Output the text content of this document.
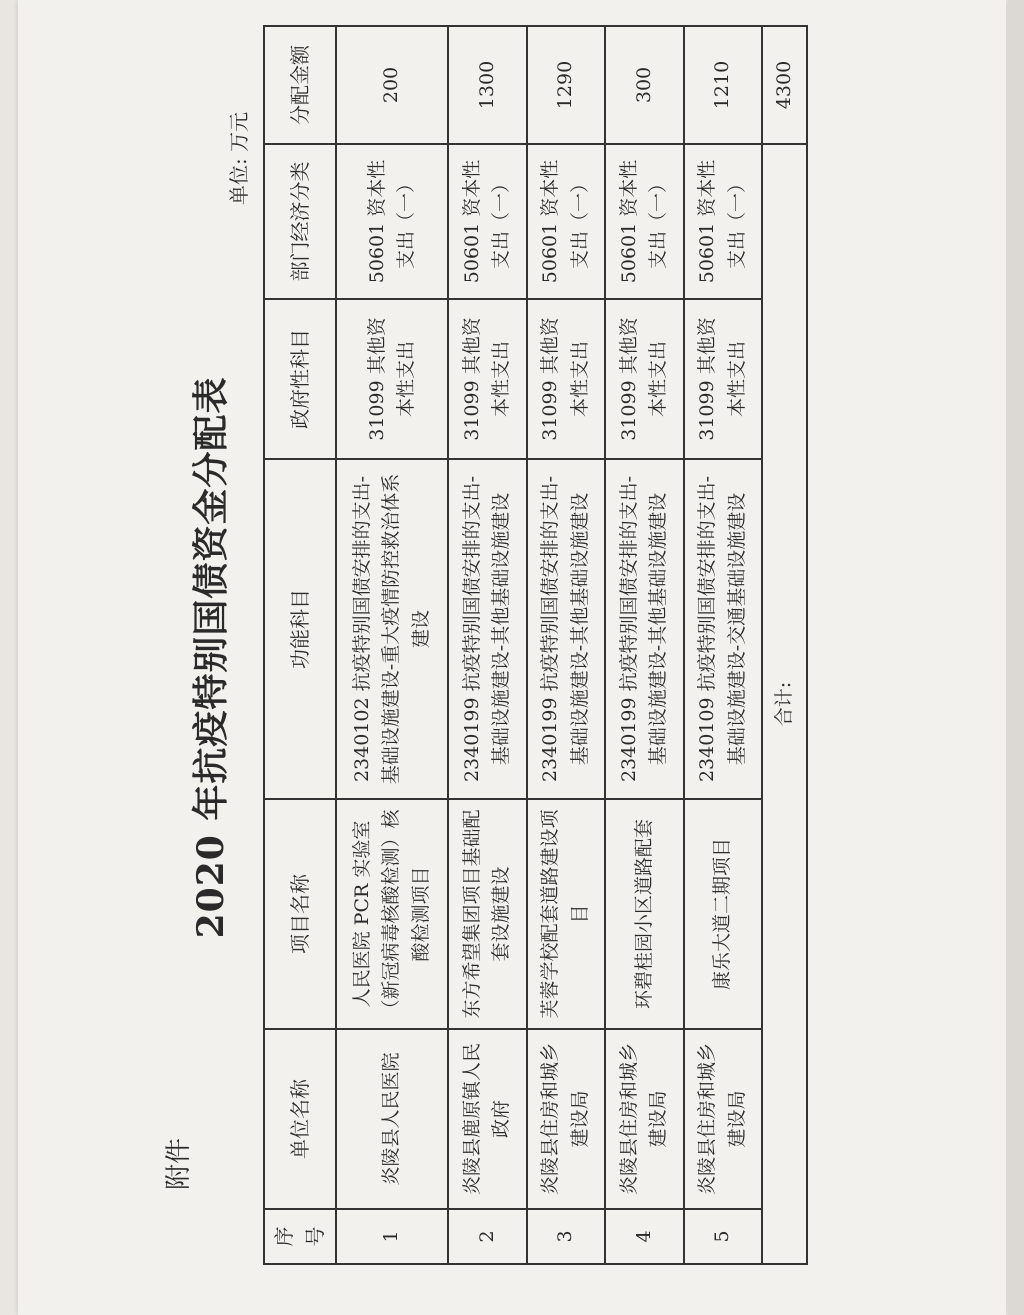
附件
2020 年抗疫特别国债资金分配表
单位: 万元
序号	单位名称	项目名称	功能科目	政府性科目	部门经济分类	分配金额
1	炎陵县人民医院	人民医院 PCR 实验室（新冠病毒核酸检测）核酸检测项目	2340102 抗疫特别国债安排的支出-基础设施建设-重大疫情防控救治体系建设	31099 其他资本性支出	50601 资本性支出（一）	200
2	炎陵县鹿原镇人民政府	东方希望集团项目基础配套设施建设	2340199 抗疫特别国债安排的支出-基础设施建设-其他基础设施建设	31099 其他资本性支出	50601 资本性支出（一）	1300
3	炎陵县住房和城乡建设局	芙蓉学校配套道路建设项目	2340199 抗疫特别国债安排的支出-基础设施建设-其他基础设施建设	31099 其他资本性支出	50601 资本性支出（一）	1290
4	炎陵县住房和城乡建设局	环碧桂园小区道路配套	2340199 抗疫特别国债安排的支出-基础设施建设-其他基础设施建设	31099 其他资本性支出	50601 资本性支出（一）	300
5	炎陵县住房和城乡建设局	康乐大道二期项目	2340109 抗疫特别国债安排的支出-基础设施建设-交通基础设施建设	31099 其他资本性支出	50601 资本性支出（一）	1210
合计:						4300
